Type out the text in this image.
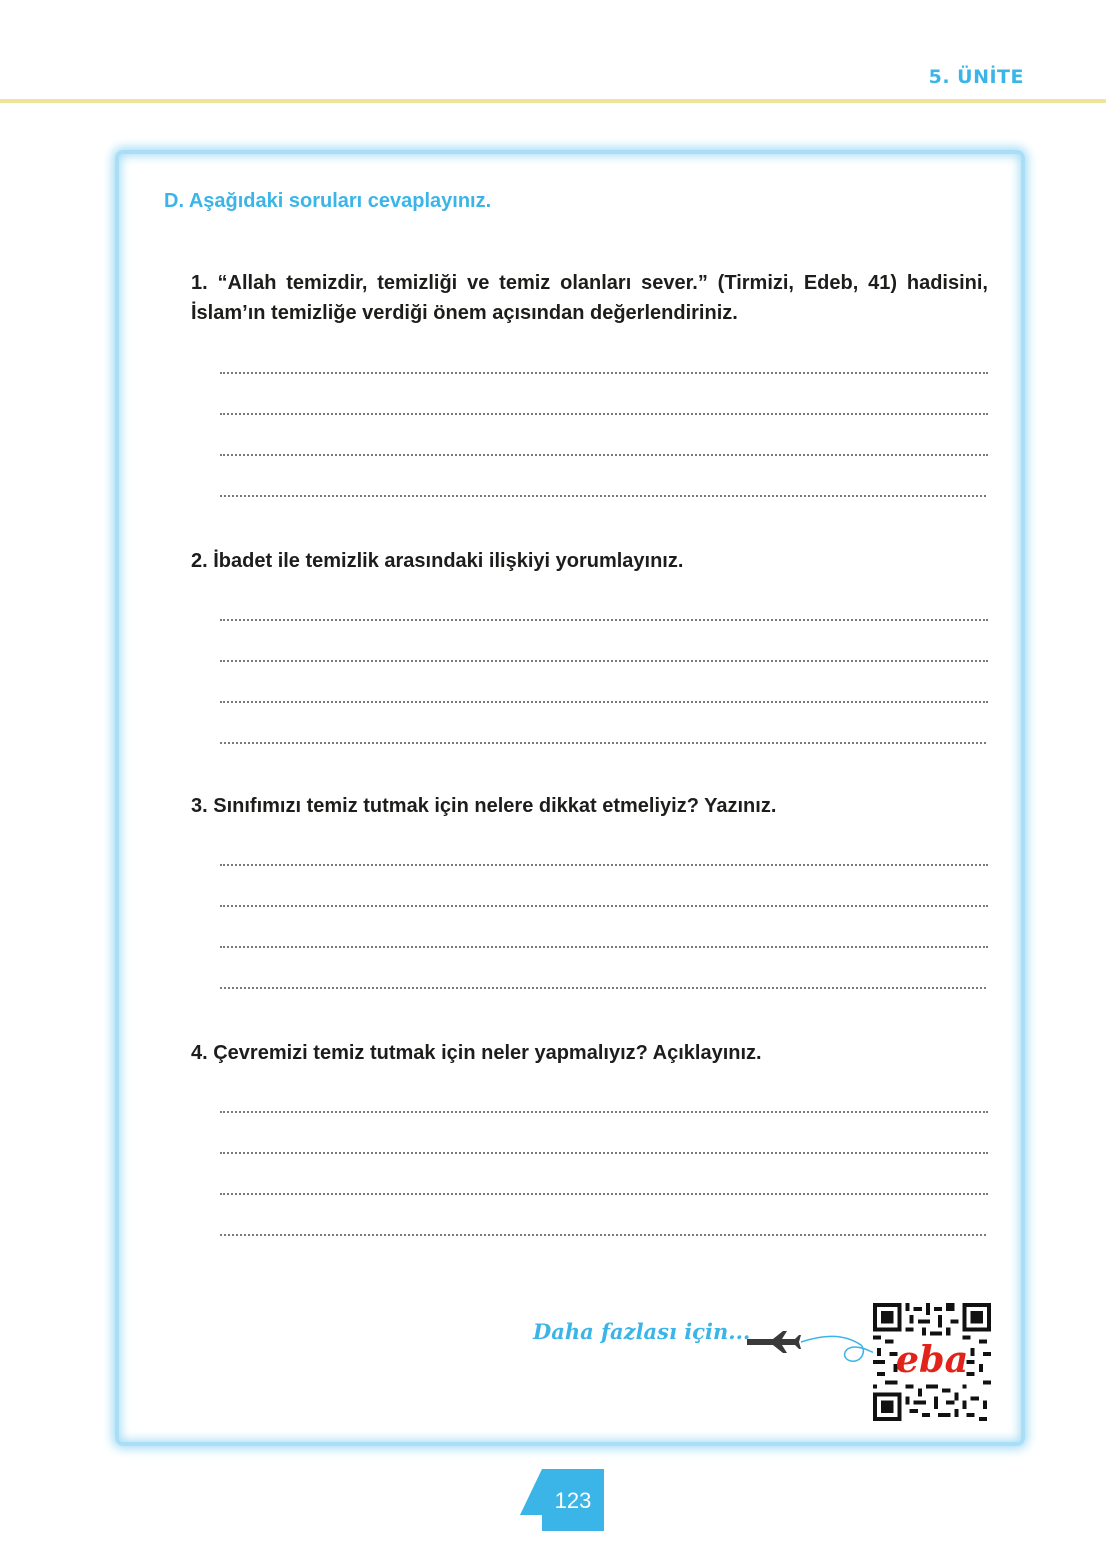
5. ÜNİTE
D. Aşağıdaki soruları cevaplayınız.
1. “Allah temizdir, temizliği ve temiz olanları sever.” (Tirmizi, Edeb, 41) hadisini, İslam’ın temizliğe verdiği önem açısından değerlendiriniz.
2. İbadet ile temizlik arasındaki ilişkiyi yorumlayınız.
3. Sınıfımızı temiz tutmak için nelere dikkat etmeliyiz? Yazınız.
4. Çevremizi temiz tutmak için neler yapmalıyız? Açıklayınız.
Daha fazlası için...
eba
123
